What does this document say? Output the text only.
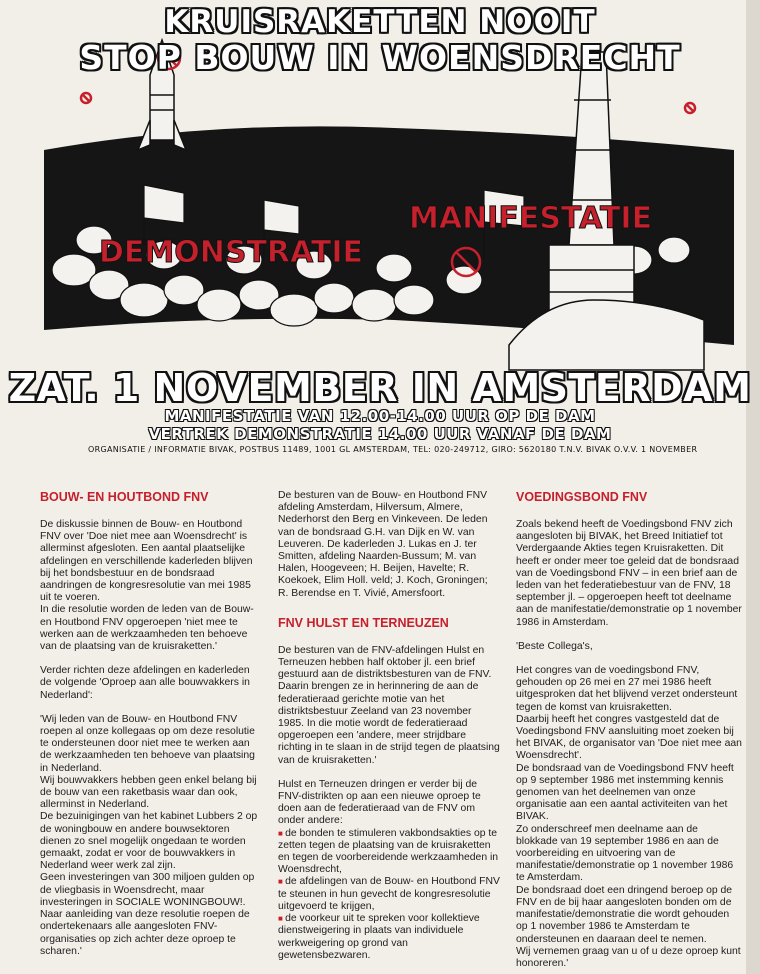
DEMONSTRATIE
MANIFESTATIE
KRUISRAKETTEN NOOIT
STOP BOUW IN WOENSDRECHT
ZAT. 1 NOVEMBER IN AMSTERDAM
MANIFESTATIE VAN 12.00-14.00 UUR OP DE DAM
VERTREK DEMONSTRATIE 14.00 UUR VANAF DE DAM
ORGANISATIE / INFORMATIE BIVAK, POSTBUS 11489, 1001 GL AMSTERDAM, TEL: 020-249712, GIRO: 5620180 T.N.V. BIVAK O.V.V. 1 NOVEMBER
BOUW- EN HOUTBOND FNV

De diskussie binnen de Bouw- en Houtbond FNV over 'Doe niet mee aan Woensdrecht' is allerminst afgesloten. Een aantal plaatselijke afdelingen en verschillende kaderleden blijven bij het bondsbestuur en de bondsraad aandringen de kongresresolutie van mei 1985 uit te voeren.

In die resolutie worden de leden van de Bouw- en Houtbond FNV opgeroepen 'niet mee te werken aan de werkzaamheden ten behoeve van de plaatsing van de kruisraketten.'

Verder richten deze afdelingen en kaderleden de volgende 'Oproep aan alle bouwvakkers in Nederland':

'Wij leden van de Bouw- en Houtbond FNV roepen al onze kollegaas op om deze resolutie te ondersteunen door niet mee te werken aan de werkzaamheden ten behoeve van plaatsing in Nederland.

Wij bouwvakkers hebben geen enkel belang bij de bouw van een raketbasis waar dan ook, allerminst in Nederland.

De bezuinigingen van het kabinet Lubbers 2 op de woningbouw en andere bouwsektoren dienen zo snel mogelijk ongedaan te worden gemaakt, zodat er voor de bouwvakkers in Nederland weer werk zal zijn.

Geen investeringen van 300 miljoen gulden op de vliegbasis in Woensdrecht, maar investeringen in SOCIALE WONINGBOUW!.

Naar aanleiding van deze resolutie roepen de ondertekenaars alle aangesloten FNV-organisaties op zich achter deze oproep te scharen.'

De besturen van de Bouw- en Houtbond FNV afdeling Amsterdam, Hilversum, Almere, Nederhorst den Berg en Vinkeveen. De leden van de bondsraad G.H. van Dijk en W. van Leuveren. De kaderleden J. Lukas en J. ter Smitten, afdeling Naarden-Bussum; M. van Halen, Hoogeveen; H. Beijen, Havelte; R. Koekoek, Elim Holl. veld; J. Koch, Groningen; R. Berendse en T. Vivié, Amersfoort.

FNV HULST EN TERNEUZEN

De besturen van de FNV-afdelingen Hulst en Terneuzen hebben half oktober jl. een brief gestuurd aan de distriktsbesturen van de FNV. Daarin brengen ze in herinnering de aan de federatieraad gerichte motie van het distriktsbestuur Zeeland van 23 november 1985. In die motie wordt de federatieraad opgeroepen een 'andere, meer strijdbare richting in te slaan in de strijd tegen de plaatsing van de kruisraketten.'

Hulst en Terneuzen dringen er verder bij de FNV-distrikten op aan een nieuwe oproep te doen aan de federatieraad van de FNV om onder andere:

■ de bonden te stimuleren vakbondsakties op te zetten tegen de plaatsing van de kruisraketten en tegen de voorbereidende werkzaamheden in Woensdrecht,

■ de afdelingen van de Bouw- en Houtbond FNV te steunen in hun gevecht de kongresresolutie uitgevoerd te krijgen,

■ de voorkeur uit te spreken voor kollektieve dienstweigering in plaats van individuele werkweigering op grond van gewetensbezwaren.

VOEDINGSBOND FNV

Zoals bekend heeft de Voedingsbond FNV zich aangesloten bij BIVAK, het Breed Initiatief tot Verdergaande Akties tegen Kruisraketten. Dit heeft er onder meer toe geleid dat de bondsraad van de Voedingsbond FNV – in een brief aan de leden van het federatiebestuur van de FNV, 18 september jl. – opgeroepen heeft tot deelname aan de manifestatie/demonstratie op 1 november 1986 in Amsterdam.

'Beste Collega's,

Het congres van de voedingsbond FNV, gehouden op 26 mei en 27 mei 1986 heeft uitgesproken dat het blijvend verzet ondersteunt tegen de komst van kruisraketten.

Daarbij heeft het congres vastgesteld dat de Voedingsbond FNV aansluiting moet zoeken bij het BIVAK, de organisator van 'Doe niet mee aan Woensdrecht'.

De bondsraad van de Voedingsbond FNV heeft op 9 september 1986 met instemming kennis genomen van het deelnemen van onze organisatie aan een aantal activiteiten van het BIVAK.

Zo onderschreef men deelname aan de blokkade van 19 september 1986 en aan de voorbereiding en uitvoering van de manifestatie/demonstratie op 1 november 1986 te Amsterdam.

De bondsraad doet een dringend beroep op de FNV en de bij haar aangesloten bonden om de manifestatie/demonstratie die wordt gehouden op 1 november 1986 te Amsterdam te ondersteunen en daaraan deel te nemen.

Wij vernemen graag van u of u deze oproep kunt honoreren.'
